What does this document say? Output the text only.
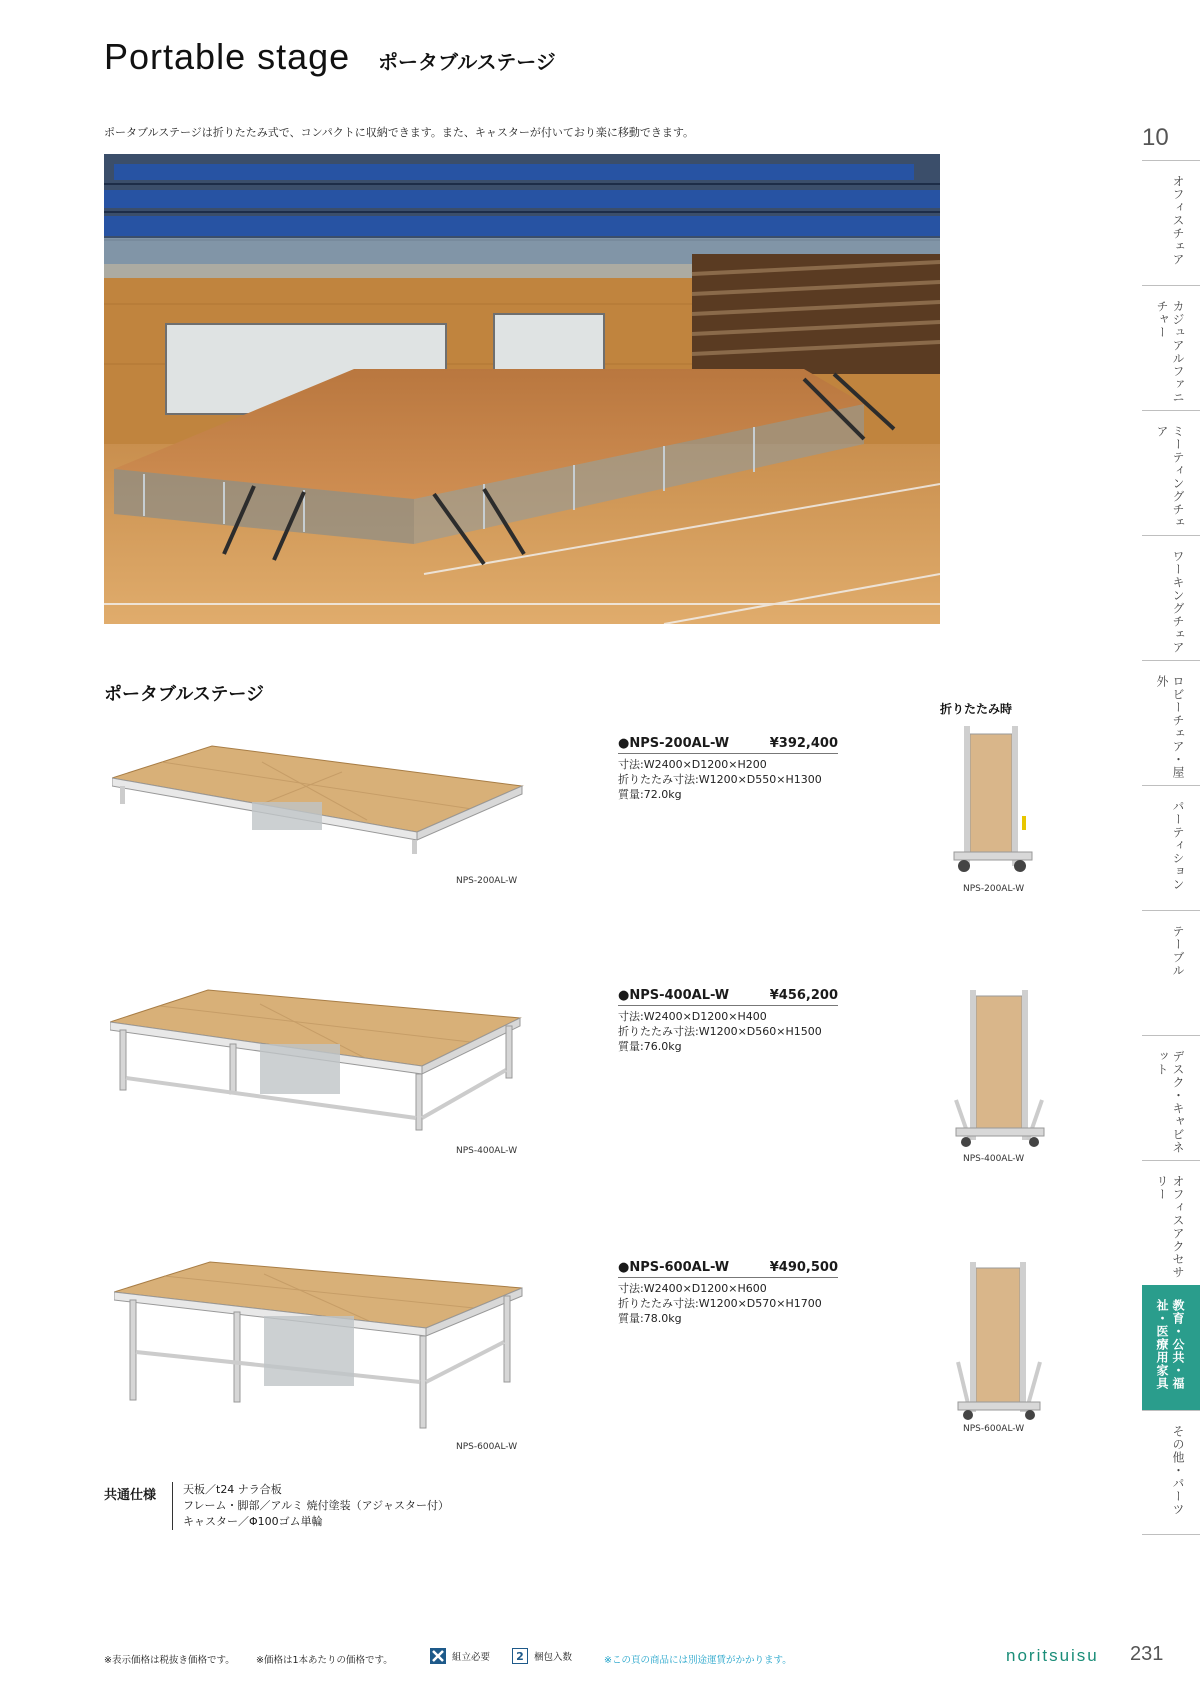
Portable stage ポータブルステージ
ポータブルステージは折りたたみ式で、コンパクトに収納できます。また、キャスターが付いており楽に移動できます。
ポータブルステージ
折りたたみ時
NPS-200AL-W
●NPS-200AL-W	¥392,400
寸法:W2400×D1200×H200
折りたたみ寸法:W1200×D550×H1300
質量:72.0kg
NPS-200AL-W
NPS-400AL-W
●NPS-400AL-W	¥456,200
寸法:W2400×D1200×H400
折りたたみ寸法:W1200×D560×H1500
質量:76.0kg
NPS-400AL-W
NPS-600AL-W
●NPS-600AL-W	¥490,500
寸法:W2400×D1200×H600
折りたたみ寸法:W1200×D570×H1700
質量:78.0kg
NPS-600AL-W
共通仕様 天板／t24 ナラ合板
フレーム・脚部／アルミ 焼付塗装（アジャスター付）
キャスター／Φ100ゴム単輪
※表示価格は税抜き価格です。 ※価格は1本あたりの価格です。	組立必要	2	梱包入数	※この頁の商品には別途運賃がかかります。	noritsuisu 231
10
オフィスチェア
カジュアルファニチャー
ミーティングチェア
ワーキングチェア
ロビーチェア・屋外
パーティション
テーブル
デスク・キャビネット
オフィスアクセサリー
教育・公共・福祉・医療用家具
その他・パーツ
